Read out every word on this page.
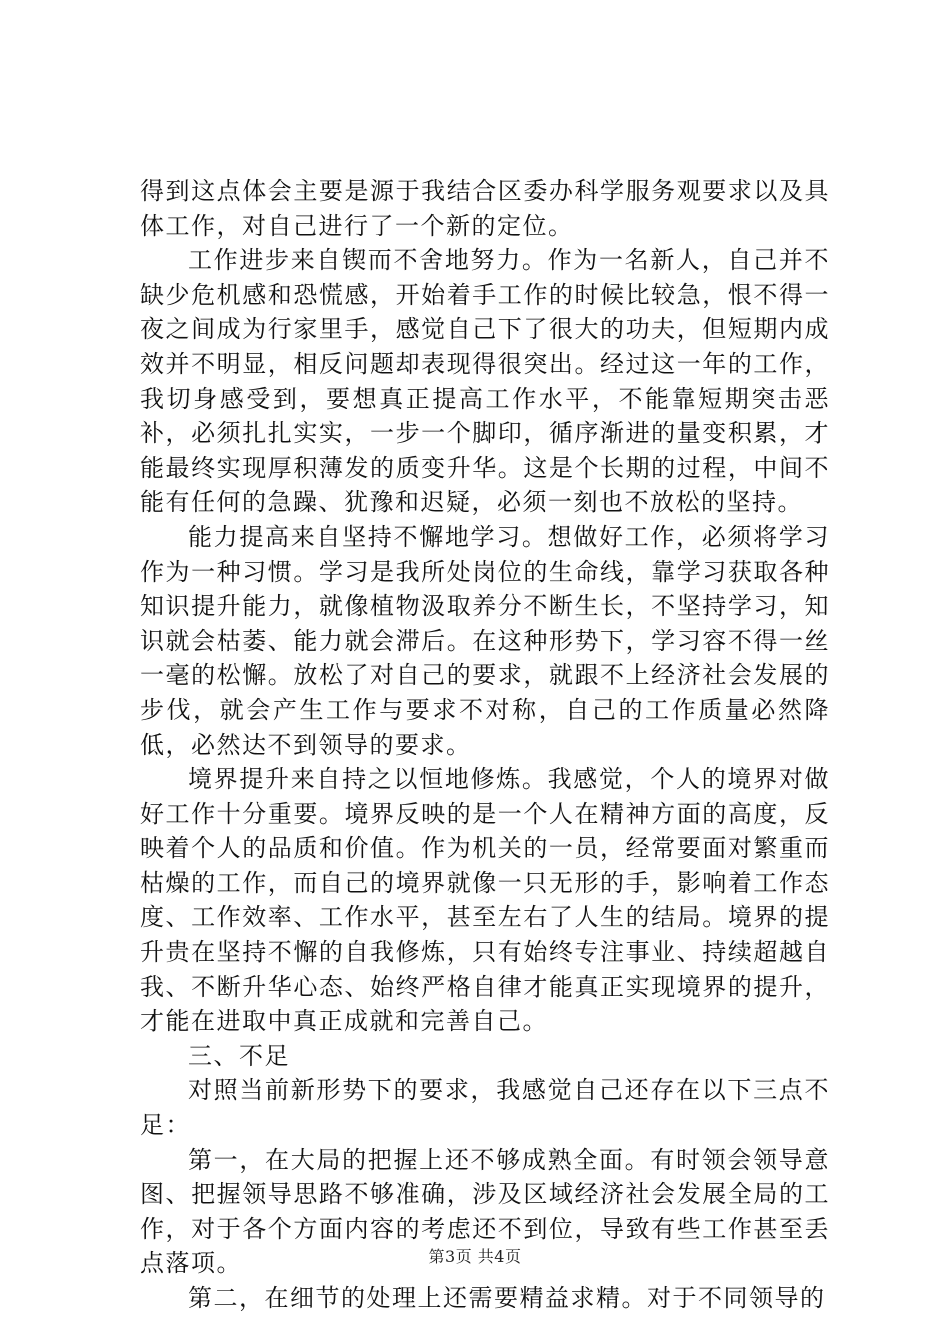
得到这点体会主要是源于我结合区委办科学服务观要求以及具体工作，对自己进行了一个新的定位。

工作进步来自锲而不舍地努力。作为一名新人，自己并不缺少危机感和恐慌感，开始着手工作的时候比较急，恨不得一夜之间成为行家里手，感觉自己下了很大的功夫，但短期内成效并不明显，相反问题却表现得很突出。经过这一年的工作，我切身感受到，要想真正提高工作水平，不能靠短期突击恶补，必须扎扎实实，一步一个脚印，循序渐进的量变积累，才能最终实现厚积薄发的质变升华。这是个长期的过程，中间不能有任何的急躁、犹豫和迟疑，必须一刻也不放松的坚持。

能力提高来自坚持不懈地学习。想做好工作，必须将学习作为一种习惯。学习是我所处岗位的生命线，靠学习获取各种知识提升能力，就像植物汲取养分不断生长，不坚持学习，知识就会枯萎、能力就会滞后。在这种形势下，学习容不得一丝一毫的松懈。放松了对自己的要求，就跟不上经济社会发展的步伐，就会产生工作与要求不对称，自己的工作质量必然降低，必然达不到领导的要求。

境界提升来自持之以恒地修炼。我感觉，个人的境界对做好工作十分重要。境界反映的是一个人在精神方面的高度，反映着个人的品质和价值。作为机关的一员，经常要面对繁重而枯燥的工作，而自己的境界就像一只无形的手，影响着工作态度、工作效率、工作水平，甚至左右了人生的结局。境界的提升贵在坚持不懈的自我修炼，只有始终专注事业、持续超越自我、不断升华心态、始终严格自律才能真正实现境界的提升，才能在进取中真正成就和完善自己。

三、不足

对照当前新形势下的要求，我感觉自己还存在以下三点不足：

第一，在大局的把握上还不够成熟全面。有时领会领导意图、把握领导思路不够准确，涉及区域经济社会发展全局的工作，对于各个方面内容的考虑还不到位，导致有些工作甚至丢点落项。

第二，在细节的处理上还需要精益求精。对于不同领导的

第3页 共4页
